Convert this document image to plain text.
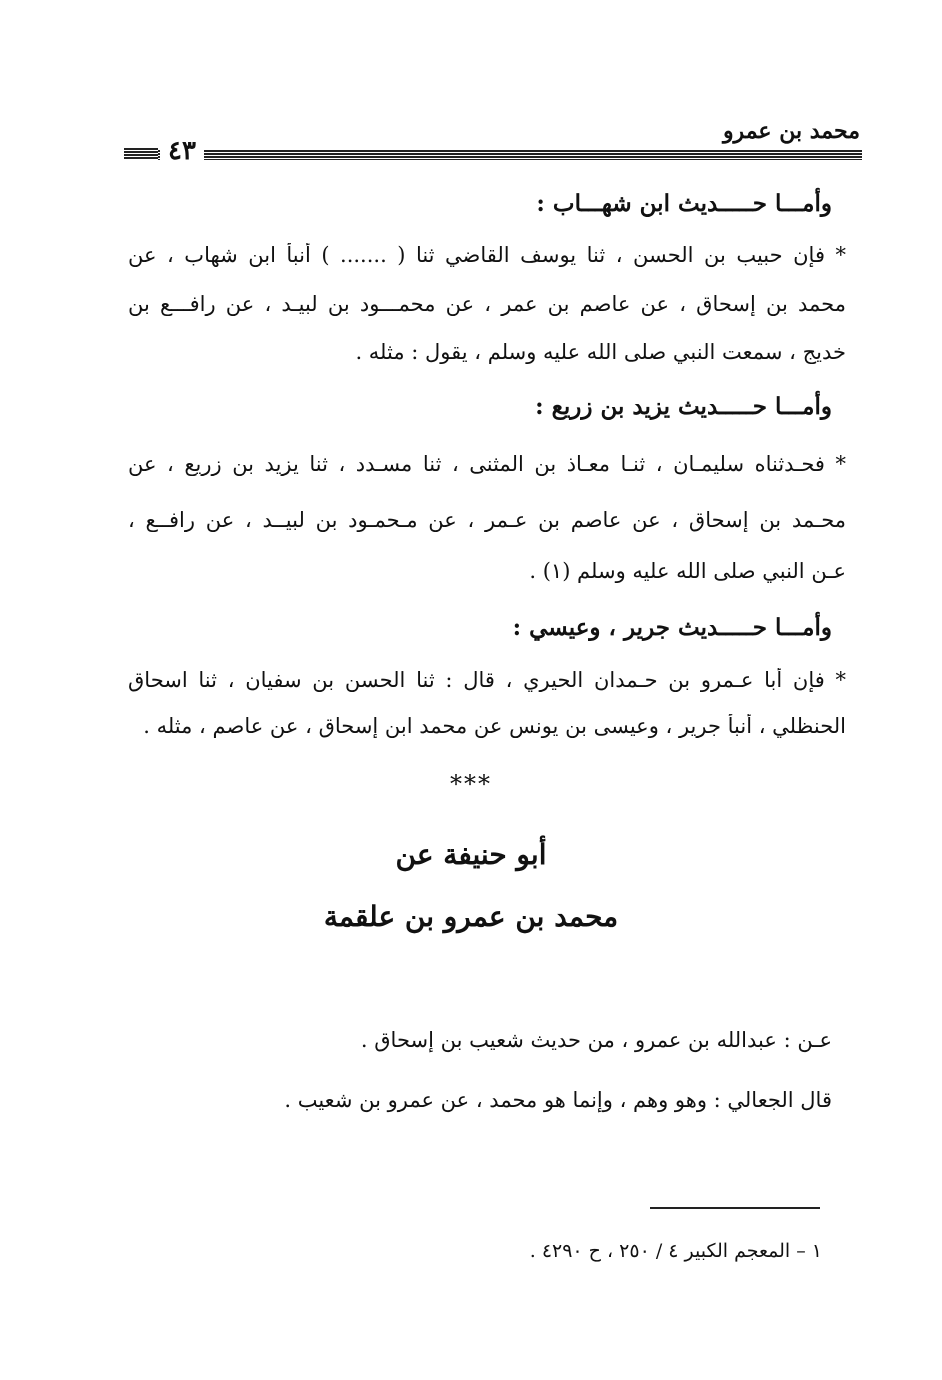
محمد بن عمرو
٤٣
وأمـــا حـــــديث ابن شهـــاب :
* فإن حبيب بن الحسن ، ثنا يوسف القاضي ثنا ( ....... ) أنبأ ابن شهاب ، عن
محمد بن إسحاق ، عن عاصم بن عمر ، عن محمـــود بن لبيـد ، عن رافـــع بن
خديج ، سمعت النبي صلى الله عليه وسلم ، يقول : مثله .
وأمـــا حـــــديث يزيد بن زريع :
* فحـدثناه سليمـان ، ثنـا معـاذ بن المثنى ، ثنا مسـدد ، ثنا يزيد بن زريع ، عن
محـمد بن إسحاق ، عن عاصم بن عـمر ، عن مـحمـود بن لبيــد ، عن رافــع ،
عـن النبي صلى الله عليه وسلم (١) .
وأمـــا حـــــديث جرير ، وعيسي :
* فإن أبا عـمرو بن حـمدان الحيري ، قال : ثنا الحسن بن سفيان ، ثنا اسحاق
الحنظلي ، أنبأ جرير ، وعيسى بن يونس عن محمد ابن إسحاق ، عن عاصم ، مثله .
***
أبو حنيفة عن
محمد بن عمرو بن علقمة
عـن : عبدالله بن عمرو ، من حديث شعيب بن إسحاق .
قال الجعالي : وهو وهم ، وإنما هو محمد ، عن عمرو بن شعيب .
١ – المعجم الكبير ٤ / ٢٥٠ ، ح ٤٢٩٠ .
